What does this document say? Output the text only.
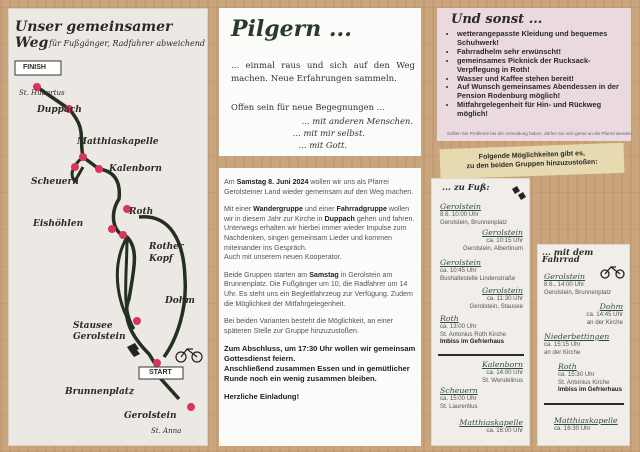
Unser gemeinsamer Weg für Fußgänger, Radfahrer abweichend
FINISH
START
St. Hubertus
Duppach
Matthiaskapelle
Kalenborn
Scheuern
Roth
Eishöhlen
Rother Kopf
Dohm
Stausee Gerolstein
Brunnenplatz
Gerolstein
St. Anna
Pilgern ...
... einmal raus und sich auf den Weg machen. Neue Erfahrungen sammeln.
Offen sein für neue Begegnungen ...
... mit anderen Menschen.
... mit mir selbst.
... mit Gott.

Am Samstag 8. Juni 2024 wollen wir uns als Pfarrei Gerolsteiner Land wieder gemeinsam auf den Weg machen.

Mit einer Wandergruppe und einer Fahrradgruppe wollen wir in diesem Jahr zur Kirche in Duppach gehen und fahren. Unterwegs erhalten wir hierbei immer wieder Impulse zum Nachdenken, singen gemeinsam Lieder und kommen miteinander ins Gespräch.
Auch mit unserem neuen Kooperator.

Beide Gruppen starten am Samstag in Gerolstein am Brunnenplatz. Die Fußgänger um 10, die Radfahrer um 14 Uhr. Es steht uns ein Begleitfahrzeug zur Verfügung. Zudem die Möglichkeit der Mitfahrgelegenheit.

Bei beiden Varianten besteht die Möglichkeit, an einer späteren Stelle zur Gruppe hinzuzustoßen.

Zum Abschluss, um 17:30 Uhr wollen wir gemeinsam Gottesdienst feiern.

Anschließend zusammen Essen und in gemütlicher Runde noch ein wenig zusammen bleiben.

Herzliche Einladung!

Und sonst ...
• wetterangepasste Kleidung und bequemes Schuhwerk!
• Fahrradhelm sehr erwünscht!
• gemeinsames Picknick der Rucksack-Verpflegung in Roth!
• Wasser und Kaffee stehen bereit!
• Auf Wunsch gemeinsames Abendessen in der Pension Rodenburg möglich!
• Mitfahrgelegenheit für Hin- und Rückweg möglich!
Sollten Sie Probleme bei der Anmeldung haben, dürfen Sie sich gerne an die Pfarrei wenden.
Folgende Möglichkeiten gibt es,
zu den beiden Gruppen hinzuzustoßen:
... zu Fuß:
Gerolstein
8.6. 10:00 Uhr
Gerolstein, Brunnenplatz
Gerolstein
ca. 10:15 Uhr
Gerolstein, Albertinum
Gerolstein
ca. 10:45 Uhr
Bushaltestelle Lindenstraße
Gerolstein
ca. 11:30 Uhr
Gerolstein, Stausee
Roth
ca. 13:00 Uhr
St. Antonius Roth Kirche
Imbiss im Gefrierhaus
Kalenborn
ca. 14:00 Uhr
St. Wendelinus
Scheuern
ca. 15:00 Uhr
St. Laurentius
Matthiaskapelle
ca. 16:00 Uhr
... mit dem Fahrrad
Gerolstein
8.6., 14:00 Uhr
Gerolstein, Brunnenplatz
Dohm
ca. 14:45 Uhr
an der Kirche
Niederbettingen
ca. 15:15 Uhr
an der Kirche
Roth
ca. 15:30 Uhr
St. Antonius Kirche
Imbiss im Gefrierhaus
Matthiaskapelle
ca. 16:30 Uhr
